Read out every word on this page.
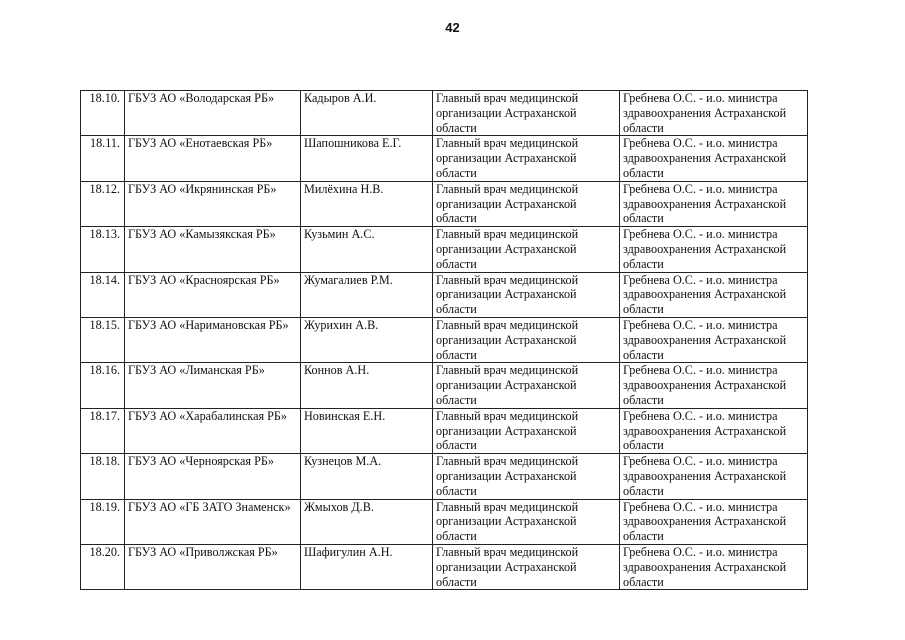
42
18.10.	ГБУЗ АО «Володарская РБ»	Кадыров А.И.	Главный врач медицинской организации Астраханской области	Гребнева О.С. - и.о. министра здравоохранения Астраханской области
18.11.	ГБУЗ АО «Енотаевская РБ»	Шапошникова Е.Г.	Главный врач медицинской организации Астраханской области	Гребнева О.С. - и.о. министра здравоохранения Астраханской области
18.12.	ГБУЗ АО «Икрянинская РБ»	Милёхина Н.В.	Главный врач медицинской организации Астраханской области	Гребнева О.С. - и.о. министра здравоохранения Астраханской области
18.13.	ГБУЗ АО «Камызякская РБ»	Кузьмин А.С.	Главный врач медицинской организации Астраханской области	Гребнева О.С. - и.о. министра здравоохранения Астраханской области
18.14.	ГБУЗ АО «Красноярская РБ»	Жумагалиев Р.М.	Главный врач медицинской организации Астраханской области	Гребнева О.С. - и.о. министра здравоохранения Астраханской области
18.15.	ГБУЗ АО «Наримановская РБ»	Журихин А.В.	Главный врач медицинской организации Астраханской области	Гребнева О.С. - и.о. министра здравоохранения Астраханской области
18.16.	ГБУЗ АО «Лиманская РБ»	Коннов А.Н.	Главный врач медицинской организации Астраханской области	Гребнева О.С. - и.о. министра здравоохранения Астраханской области
18.17.	ГБУЗ АО «Харабалинская РБ»	Новинская Е.Н.	Главный врач медицинской организации Астраханской области	Гребнева О.С. - и.о. министра здравоохранения Астраханской области
18.18.	ГБУЗ АО «Черноярская РБ»	Кузнецов М.А.	Главный врач медицинской организации Астраханской области	Гребнева О.С. - и.о. министра здравоохранения Астраханской области
18.19.	ГБУЗ АО «ГБ ЗАТО Знаменск»	Жмыхов Д.В.	Главный врач медицинской организации Астраханской области	Гребнева О.С. - и.о. министра здравоохранения Астраханской области
18.20.	ГБУЗ АО «Приволжская РБ»	Шафигулин А.Н.	Главный врач медицинской организации Астраханской области	Гребнева О.С. - и.о. министра здравоохранения Астраханской области
